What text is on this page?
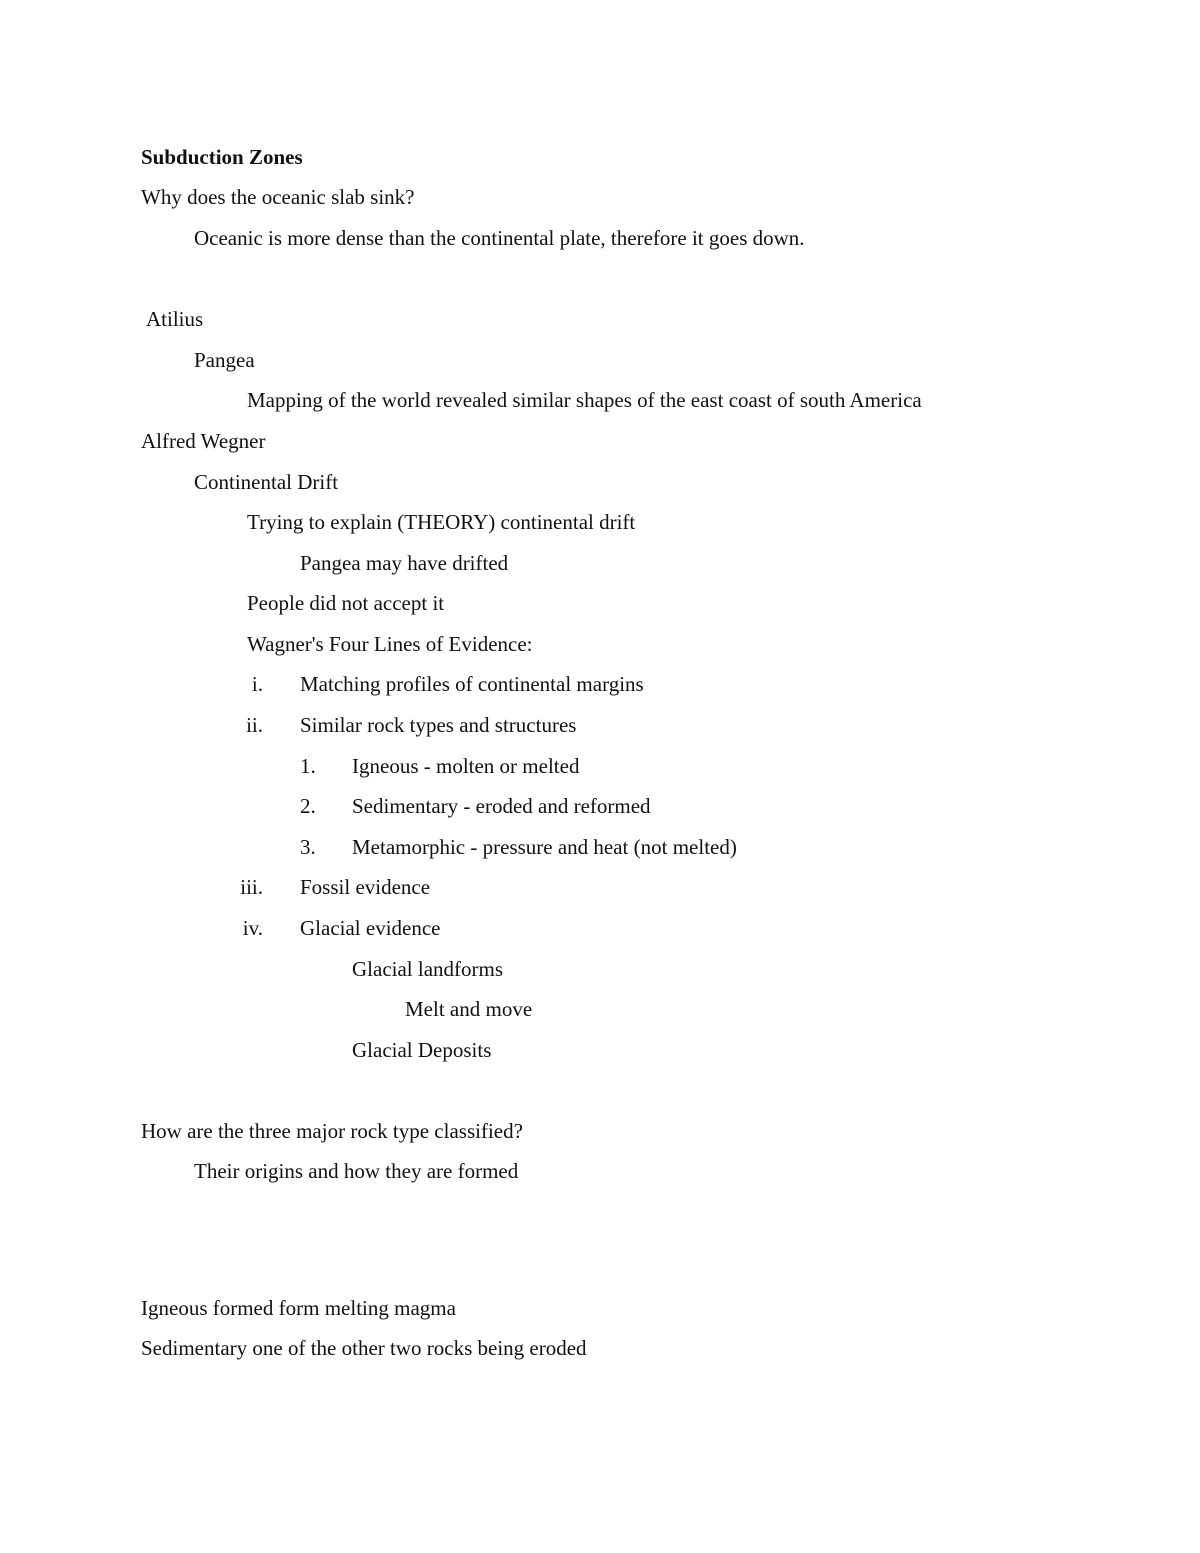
Subduction Zones
Why does the oceanic slab sink?
Oceanic is more dense than the continental plate, therefore it goes down.
Atilius
Pangea
Mapping of the world revealed similar shapes of the east coast of south America
Alfred Wegner
Continental Drift
Trying to explain (THEORY) continental drift
Pangea may have drifted
People did not accept it
Wagner's Four Lines of Evidence:
i. Matching profiles of continental margins
ii. Similar rock types and structures
1. Igneous - molten or melted
2. Sedimentary - eroded and reformed
3. Metamorphic - pressure and heat (not melted)
iii. Fossil evidence
iv. Glacial evidence
Glacial landforms
Melt and move
Glacial Deposits
How are the three major rock type classified?
Their origins and how they are formed
Igneous formed form melting magma
Sedimentary one of the other two rocks being eroded
